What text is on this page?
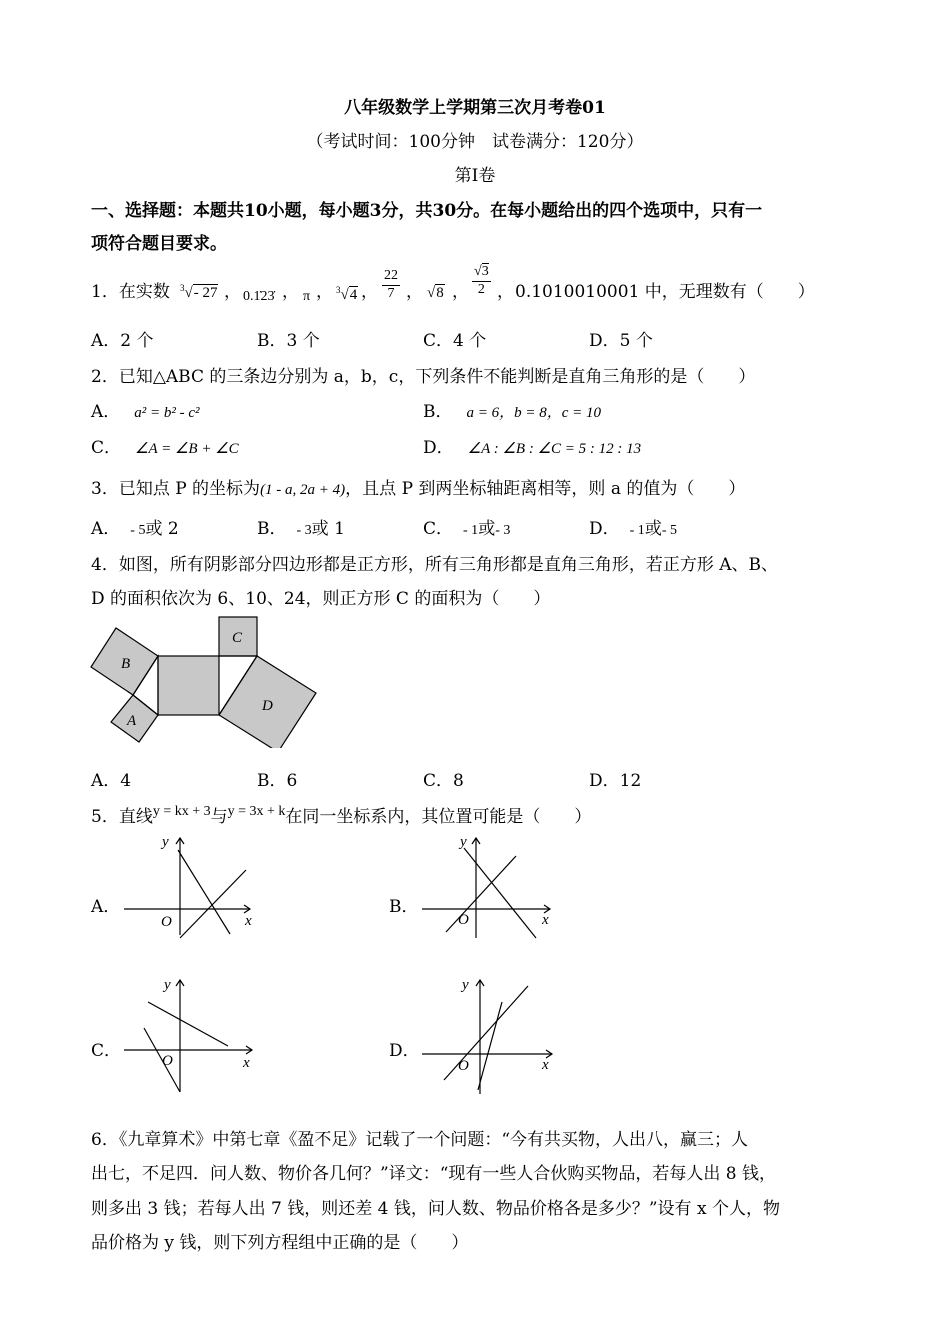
八年级数学上学期第三次月考卷01
（考试时间：100分钟　试卷满分：120分）
第Ⅰ卷
一、选择题：本题共10小题，每小题3分，共30分。在每小题给出的四个选项中，只有一
项符合题目要求。
1．在实数 $^3$√- 27 ， 0.1̇23̇ ， π ， $^3$√4 ， $\frac{22}{7}$ ， √8 ， $\frac{√3}{2}$ ， 0.1010010001 中，无理数有（　　）
A．2 个	B．3 个	C．4 个	D．5 个
2．已知△ABC 的三条边分别为 a，b，c，下列条件不能判断是直角三角形的是（　　）
A． a² = b² - c²	B． a = 6，b = 8，c = 10
C． ∠A = ∠B + ∠C	D． ∠A : ∠B : ∠C = 5 : 12 : 13
3．已知点 P 的坐标为(1 - a, 2a + 4)，且点 P 到两坐标轴距离相等，则 a 的值为（　　）
A． - 5或 2	B． - 3或 1	C． - 1或- 3	D． - 1或- 5
4．如图，所有阴影部分四边形都是正方形，所有三角形都是直角三角形，若正方形 A、B、
D 的面积依次为 6、10、24，则正方形 C 的面积为（　　）
B
A
C
D
A．4	B．6	C．8	D．12
5．直线$^{y = kx + 3}$与$^{y = 3x + k}$在同一坐标系内，其位置可能是（　　）
A．
y
O	x
B．
y
O	x
C．
y
O	x
D．
y
O	x
6．《九章算术》中第七章《盈不足》记载了一个问题：“今有共买物，人出八，赢三；人
出七，不足四．问人数、物价各几何？”译文：“现有一些人合伙购买物品，若每人出 8 钱，
则多出 3 钱；若每人出 7 钱，则还差 4 钱，问人数、物品价格各是多少？”设有 x 个人，物
品价格为 y 钱，则下列方程组中正确的是（　　）
